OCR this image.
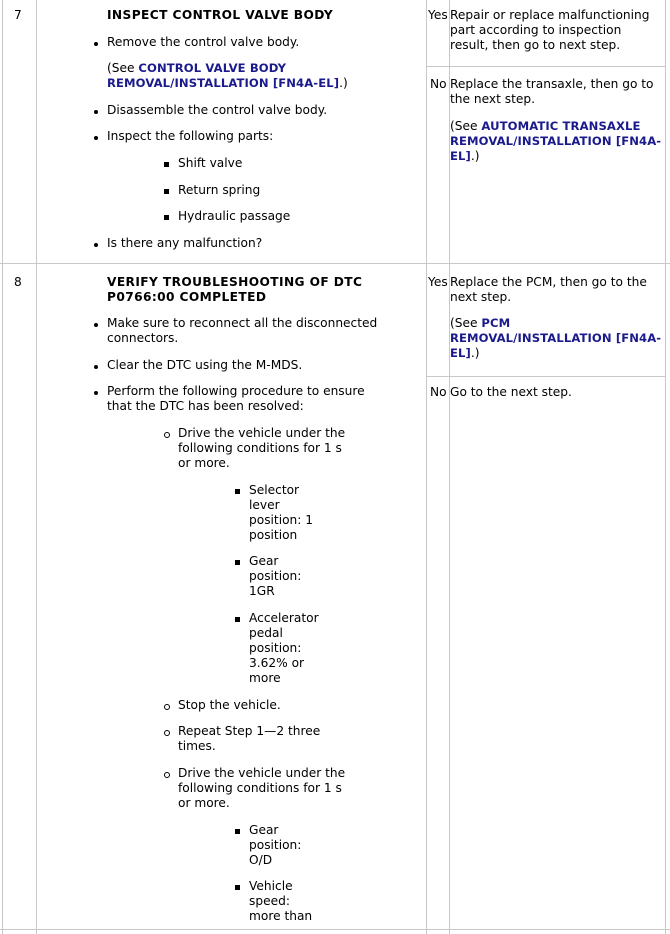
7	INSPECT CONTROL VALVE BODY

Remove the control valve body.

(See CONTROL VALVE BODY

REMOVAL/INSTALLATION [FN4A-EL].)

Disassemble the control valve body.

Inspect the following parts:

Shift valve

Return spring

Hydraulic passage

Is there any malfunction?

Yes Repair or replace malfunctioning

part according to inspection

result, then go to next step.

No Replace the transaxle, then go to

the next step.

(See AUTOMATIC TRANSAXLE

REMOVAL/INSTALLATION [FN4A-

EL].)

8	VERIFY TROUBLESHOOTING OF DTC

P0766:00 COMPLETED

Make sure to reconnect all the disconnected

connectors.

Clear the DTC using the M-MDS.

Perform the following procedure to ensure

that the DTC has been resolved:

Drive the vehicle under the

following conditions for 1 s

or more.

Selector

lever

position: 1

position

Gear

position:

1GR

Accelerator

pedal

position:

3.62% or

more

Stop the vehicle.

Repeat Step 1—2 three

times.

Drive the vehicle under the

following conditions for 1 s

or more.

Gear

position:

O/D

Vehicle

speed:

more than

Yes Replace the PCM, then go to the

next step.

(See PCM

REMOVAL/INSTALLATION [FN4A-

EL].)

No Go to the next step.
